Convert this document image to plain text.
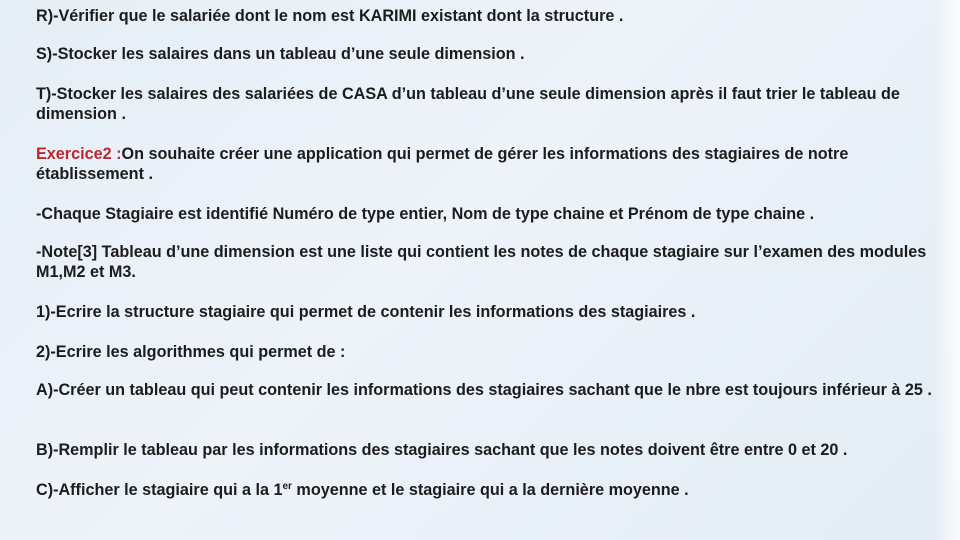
R)-Vérifier que le salariée dont le nom est KARIMI existant dont la structure .

S)-Stocker les salaires dans un tableau d’une seule dimension .

T)-Stocker les salaires des salariées de CASA d’un tableau d’une seule dimension après il faut trier le tableau de dimension .

Exercice2 :On souhaite créer une application qui permet de gérer les informations des stagiaires de notre établissement .

-Chaque Stagiaire est identifié Numéro de type entier, Nom de type chaine et Prénom de type chaine .

-Note[3] Tableau d’une dimension est une liste qui contient les notes de chaque stagiaire sur l’examen des modules M1,M2 et M3.

1)-Ecrire la structure stagiaire qui permet de contenir les informations des stagiaires .

2)-Ecrire les algorithmes qui permet de :

A)-Créer un tableau qui peut contenir les informations des stagiaires sachant que le nbre est toujours inférieur à 25 .

B)-Remplir le tableau par les informations des stagiaires sachant que les notes doivent être entre 0 et 20 .

C)-Afficher le stagiaire qui a la 1er moyenne et le stagiaire qui a la dernière moyenne .
